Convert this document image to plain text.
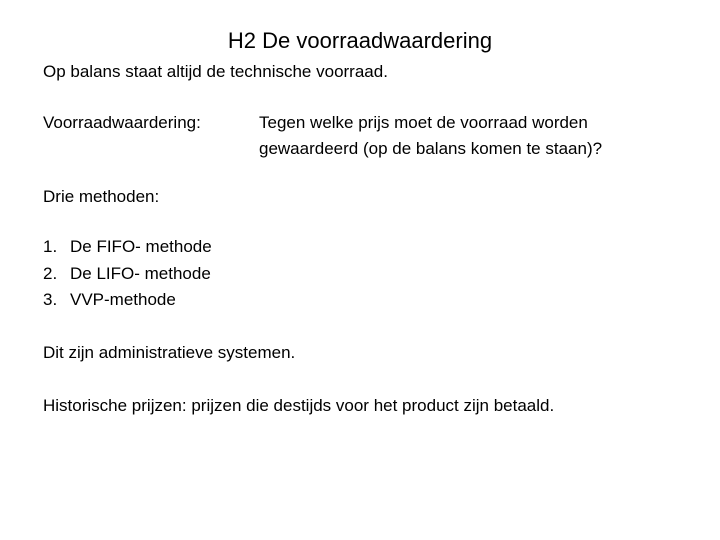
H2 De voorraadwaardering
Op balans staat altijd de technische voorraad.
Voorraadwaardering:	Tegen welke prijs moet de voorraad worden
gewaardeerd (op de balans komen te staan)?
Drie methoden:
1. De FIFO- methode
2. De LIFO- methode
3. VVP-methode
Dit zijn administratieve systemen.
Historische prijzen: prijzen die destijds voor het product zijn betaald.
